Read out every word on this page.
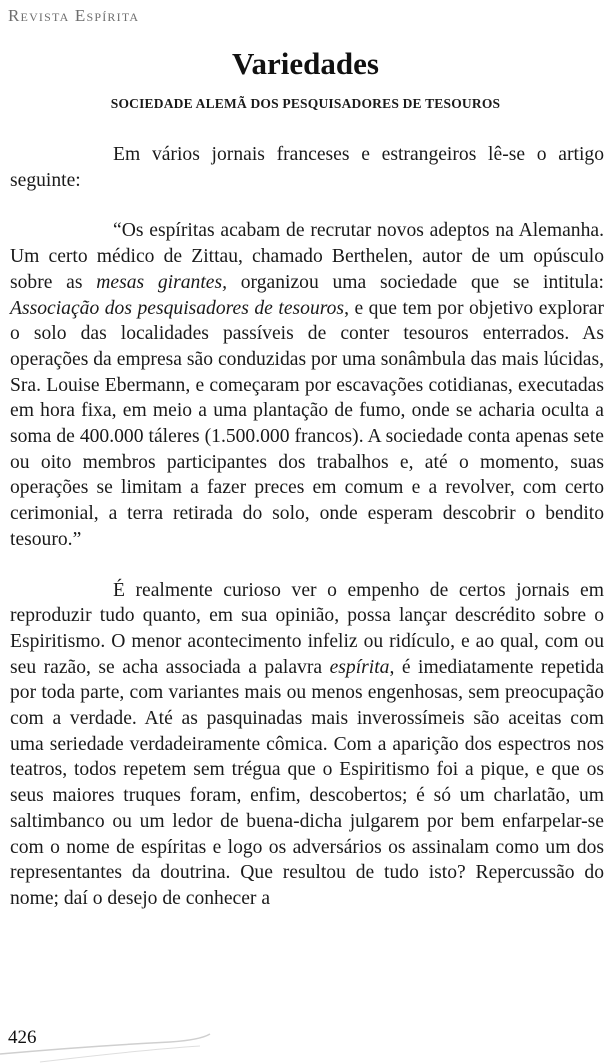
Revista Espírita
Variedades
SOCIEDADE ALEMÃ DOS PESQUISADORES DE TESOUROS

Em vários jornais franceses e estrangeiros lê-se o artigo seguinte:

“Os espíritas acabam de recrutar novos adeptos na Alemanha. Um certo médico de Zittau, chamado Berthelen, autor de um opúsculo sobre as mesas girantes, organizou uma sociedade que se intitula: Associação dos pesquisadores de tesouros, e que tem por objetivo explorar o solo das localidades passíveis de conter tesouros enterrados. As operações da empresa são conduzidas por uma sonâmbula das mais lúcidas, Sra. Louise Ebermann, e começaram por escavações cotidianas, executadas em hora fixa, em meio a uma plantação de fumo, onde se acharia oculta a soma de 400.000 táleres (1.500.000 francos). A sociedade conta apenas sete ou oito membros participantes dos trabalhos e, até o momento, suas operações se limitam a fazer preces em comum e a revolver, com certo cerimonial, a terra retirada do solo, onde esperam descobrir o bendito tesouro.”

É realmente curioso ver o empenho de certos jornais em reproduzir tudo quanto, em sua opinião, possa lançar descrédito sobre o Espiritismo. O menor acontecimento infeliz ou ridículo, e ao qual, com ou seu razão, se acha associada a palavra espírita, é imediatamente repetida por toda parte, com variantes mais ou menos engenhosas, sem preocupação com a verdade. Até as pasquinadas mais inverossímeis são aceitas com uma seriedade verdadeiramente cômica. Com a aparição dos espectros nos teatros, todos repetem sem trégua que o Espiritismo foi a pique, e que os seus maiores truques foram, enfim, descobertos; é só um charlatão, um saltimbanco ou um ledor de buena-dicha julgarem por bem enfarpelar-se com o nome de espíritas e logo os adversários os assinalam como um dos representantes da doutrina. Que resultou de tudo isto? Repercussão do nome; daí o desejo de conhecer a

426
